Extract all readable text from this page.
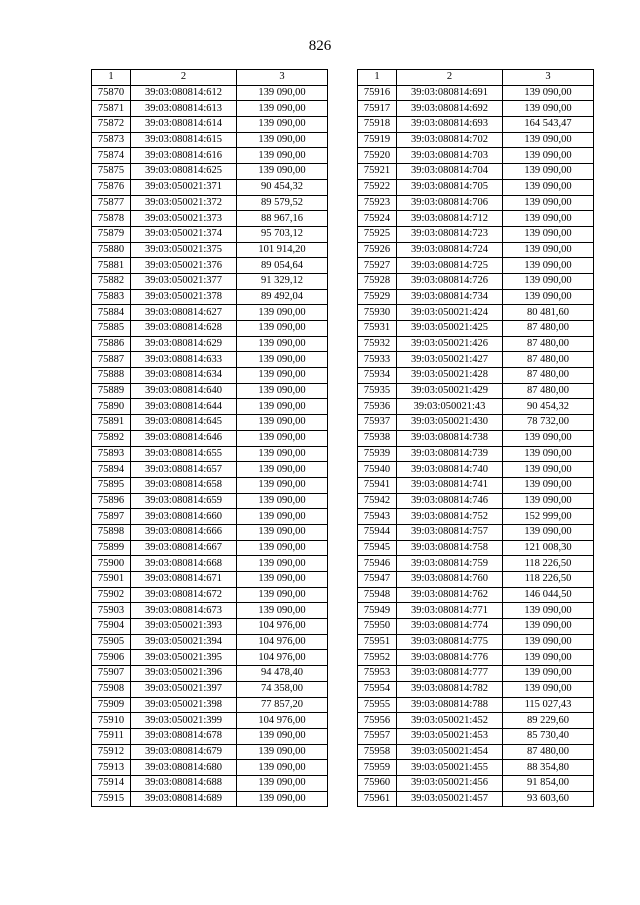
826
1	2	3
75870	39:03:080814:612	139 090,00
75871	39:03:080814:613	139 090,00
75872	39:03:080814:614	139 090,00
75873	39:03:080814:615	139 090,00
75874	39:03:080814:616	139 090,00
75875	39:03:080814:625	139 090,00
75876	39:03:050021:371	90 454,32
75877	39:03:050021:372	89 579,52
75878	39:03:050021:373	88 967,16
75879	39:03:050021:374	95 703,12
75880	39:03:050021:375	101 914,20
75881	39:03:050021:376	89 054,64
75882	39:03:050021:377	91 329,12
75883	39:03:050021:378	89 492,04
75884	39:03:080814:627	139 090,00
75885	39:03:080814:628	139 090,00
75886	39:03:080814:629	139 090,00
75887	39:03:080814:633	139 090,00
75888	39:03:080814:634	139 090,00
75889	39:03:080814:640	139 090,00
75890	39:03:080814:644	139 090,00
75891	39:03:080814:645	139 090,00
75892	39:03:080814:646	139 090,00
75893	39:03:080814:655	139 090,00
75894	39:03:080814:657	139 090,00
75895	39:03:080814:658	139 090,00
75896	39:03:080814:659	139 090,00
75897	39:03:080814:660	139 090,00
75898	39:03:080814:666	139 090,00
75899	39:03:080814:667	139 090,00
75900	39:03:080814:668	139 090,00
75901	39:03:080814:671	139 090,00
75902	39:03:080814:672	139 090,00
75903	39:03:080814:673	139 090,00
75904	39:03:050021:393	104 976,00
75905	39:03:050021:394	104 976,00
75906	39:03:050021:395	104 976,00
75907	39:03:050021:396	94 478,40
75908	39:03:050021:397	74 358,00
75909	39:03:050021:398	77 857,20
75910	39:03:050021:399	104 976,00
75911	39:03:080814:678	139 090,00
75912	39:03:080814:679	139 090,00
75913	39:03:080814:680	139 090,00
75914	39:03:080814:688	139 090,00
75915	39:03:080814:689	139 090,00
1	2	3
75916	39:03:080814:691	139 090,00
75917	39:03:080814:692	139 090,00
75918	39:03:080814:693	164 543,47
75919	39:03:080814:702	139 090,00
75920	39:03:080814:703	139 090,00
75921	39:03:080814:704	139 090,00
75922	39:03:080814:705	139 090,00
75923	39:03:080814:706	139 090,00
75924	39:03:080814:712	139 090,00
75925	39:03:080814:723	139 090,00
75926	39:03:080814:724	139 090,00
75927	39:03:080814:725	139 090,00
75928	39:03:080814:726	139 090,00
75929	39:03:080814:734	139 090,00
75930	39:03:050021:424	80 481,60
75931	39:03:050021:425	87 480,00
75932	39:03:050021:426	87 480,00
75933	39:03:050021:427	87 480,00
75934	39:03:050021:428	87 480,00
75935	39:03:050021:429	87 480,00
75936	39:03:050021:43	90 454,32
75937	39:03:050021:430	78 732,00
75938	39:03:080814:738	139 090,00
75939	39:03:080814:739	139 090,00
75940	39:03:080814:740	139 090,00
75941	39:03:080814:741	139 090,00
75942	39:03:080814:746	139 090,00
75943	39:03:080814:752	152 999,00
75944	39:03:080814:757	139 090,00
75945	39:03:080814:758	121 008,30
75946	39:03:080814:759	118 226,50
75947	39:03:080814:760	118 226,50
75948	39:03:080814:762	146 044,50
75949	39:03:080814:771	139 090,00
75950	39:03:080814:774	139 090,00
75951	39:03:080814:775	139 090,00
75952	39:03:080814:776	139 090,00
75953	39:03:080814:777	139 090,00
75954	39:03:080814:782	139 090,00
75955	39:03:080814:788	115 027,43
75956	39:03:050021:452	89 229,60
75957	39:03:050021:453	85 730,40
75958	39:03:050021:454	87 480,00
75959	39:03:050021:455	88 354,80
75960	39:03:050021:456	91 854,00
75961	39:03:050021:457	93 603,60
